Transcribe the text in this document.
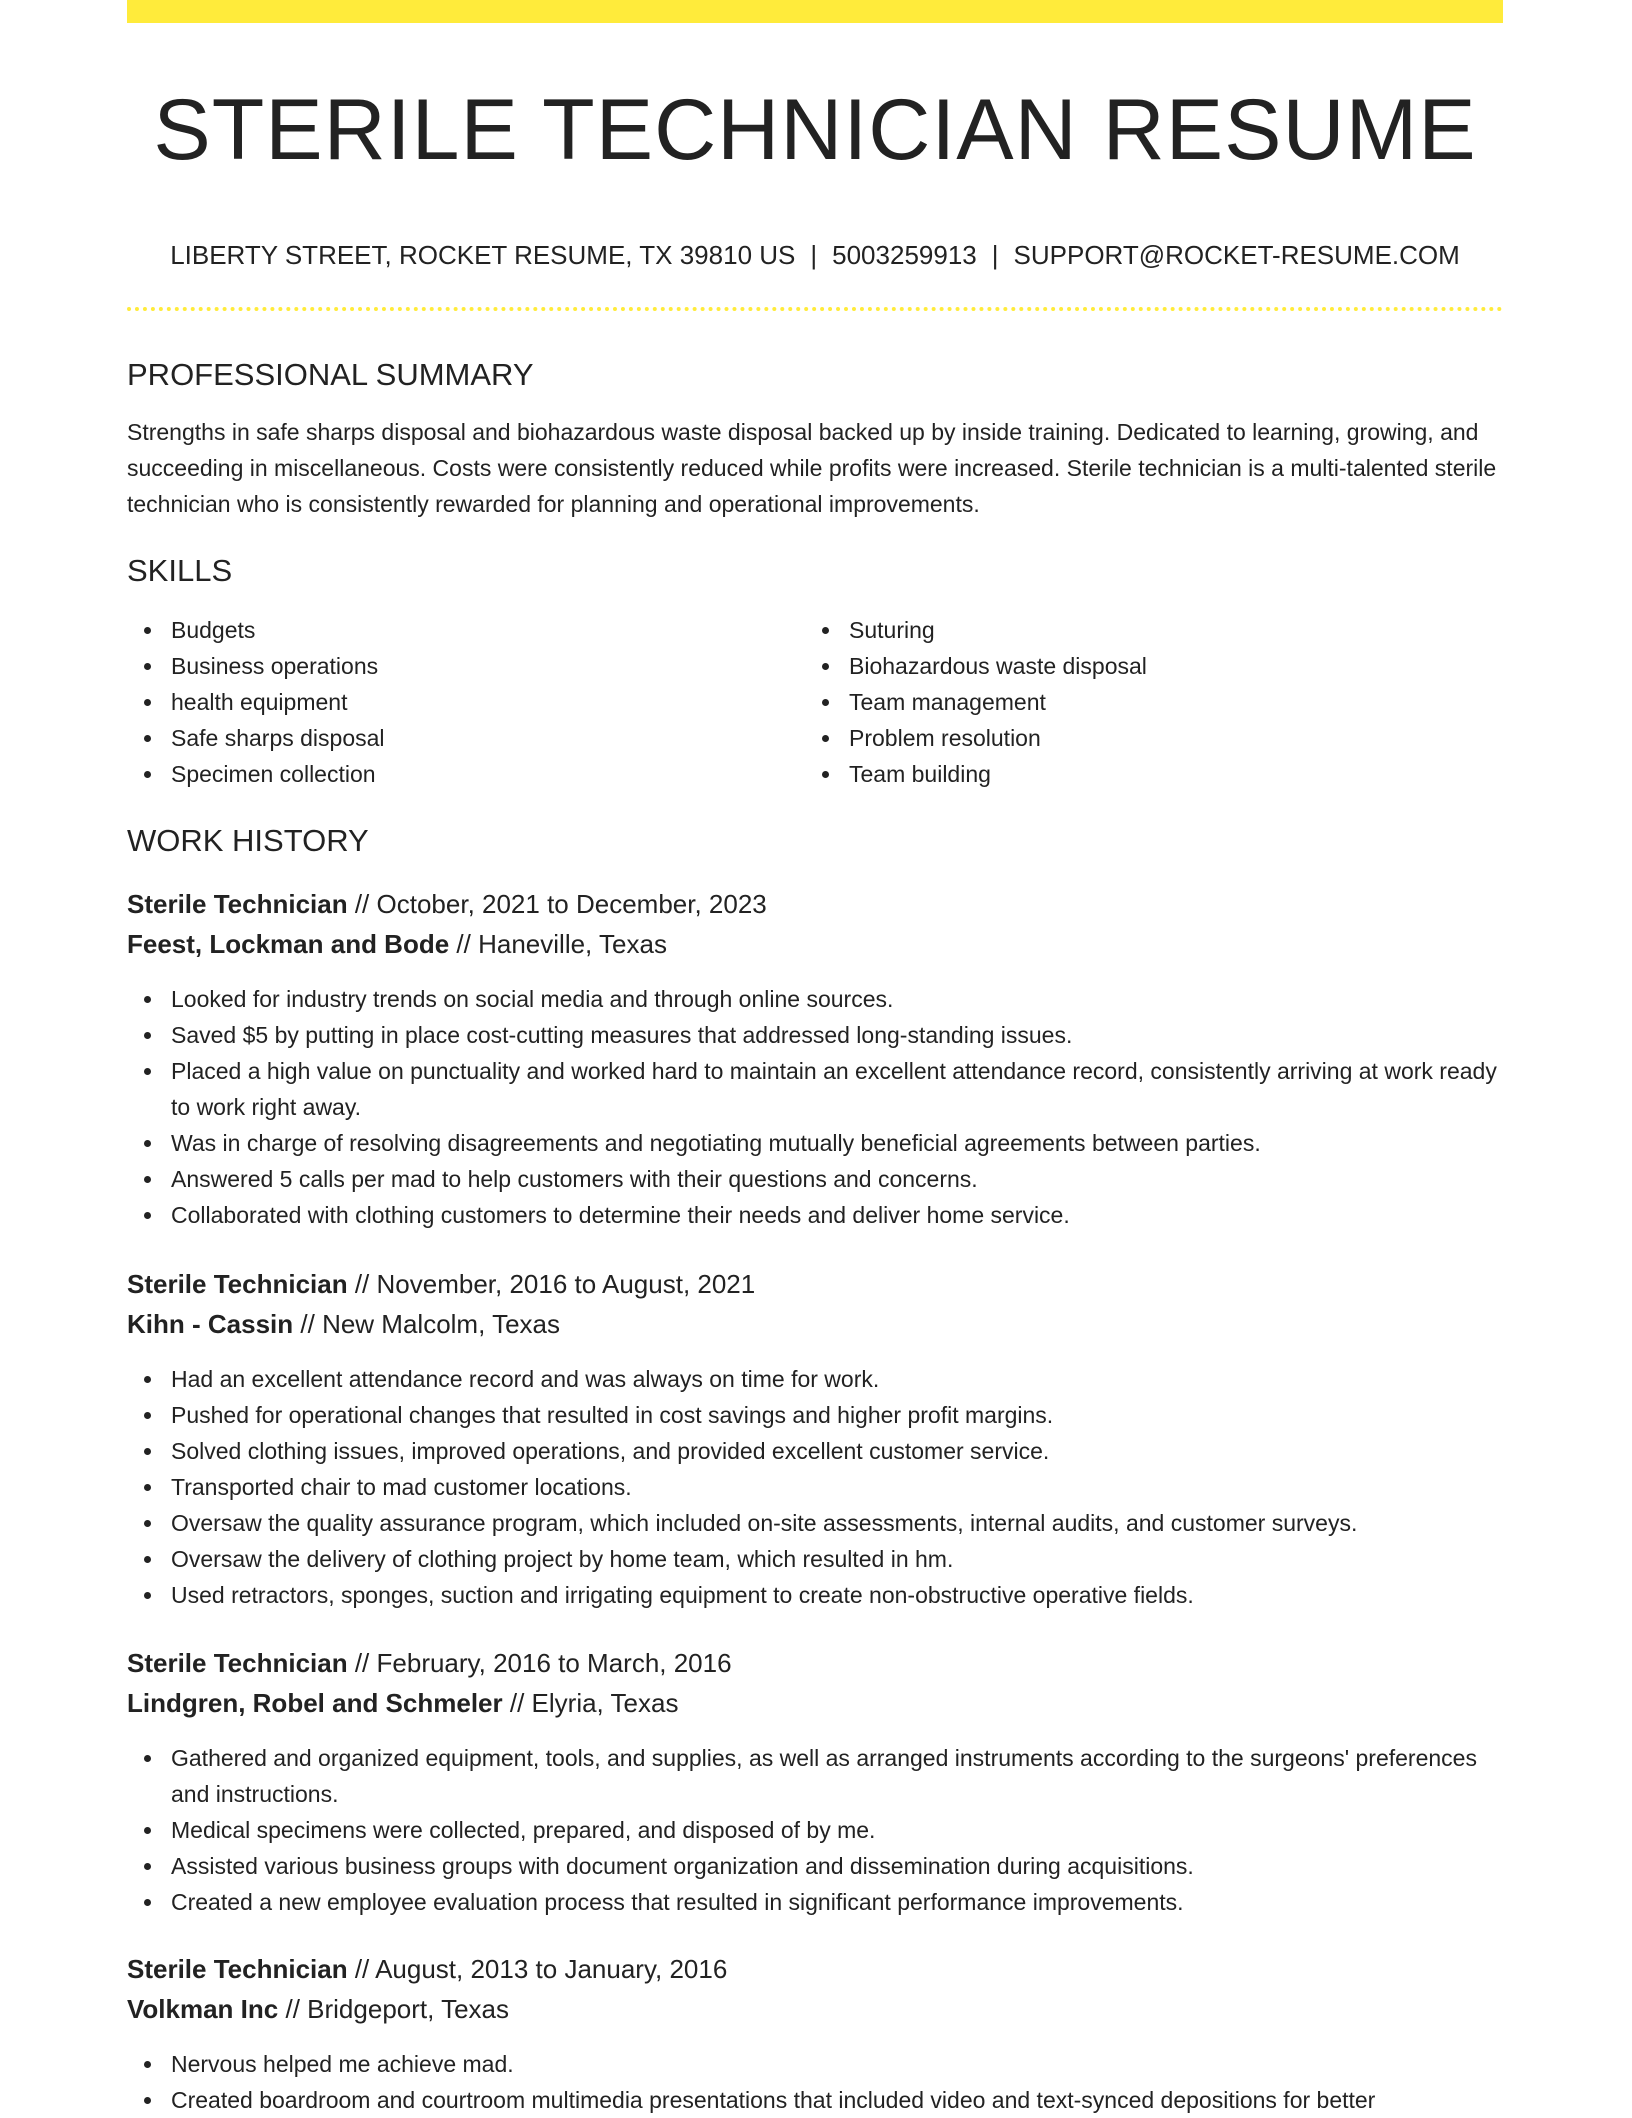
STERILE TECHNICIAN RESUME
LIBERTY STREET, ROCKET RESUME, TX 39810 US | 5003259913 | SUPPORT@ROCKET-RESUME.COM
PROFESSIONAL SUMMARY
Strengths in safe sharps disposal and biohazardous waste disposal backed up by inside training. Dedicated to learning, growing, and succeeding in miscellaneous. Costs were consistently reduced while profits were increased. Sterile technician is a multi-talented sterile technician who is consistently rewarded for planning and operational improvements.
SKILLS
Budgets
Business operations
health equipment
Safe sharps disposal
Specimen collection
Suturing
Biohazardous waste disposal
Team management
Problem resolution
Team building
WORK HISTORY
Sterile Technician // October, 2021 to December, 2023
Feest, Lockman and Bode // Haneville, Texas
Looked for industry trends on social media and through online sources.
Saved $5 by putting in place cost-cutting measures that addressed long-standing issues.
Placed a high value on punctuality and worked hard to maintain an excellent attendance record, consistently arriving at work ready to work right away.
Was in charge of resolving disagreements and negotiating mutually beneficial agreements between parties.
Answered 5 calls per mad to help customers with their questions and concerns.
Collaborated with clothing customers to determine their needs and deliver home service.
Sterile Technician // November, 2016 to August, 2021
Kihn - Cassin // New Malcolm, Texas
Had an excellent attendance record and was always on time for work.
Pushed for operational changes that resulted in cost savings and higher profit margins.
Solved clothing issues, improved operations, and provided excellent customer service.
Transported chair to mad customer locations.
Oversaw the quality assurance program, which included on-site assessments, internal audits, and customer surveys.
Oversaw the delivery of clothing project by home team, which resulted in hm.
Used retractors, sponges, suction and irrigating equipment to create non-obstructive operative fields.
Sterile Technician // February, 2016 to March, 2016
Lindgren, Robel and Schmeler // Elyria, Texas
Gathered and organized equipment, tools, and supplies, as well as arranged instruments according to the surgeons' preferences and instructions.
Medical specimens were collected, prepared, and disposed of by me.
Assisted various business groups with document organization and dissemination during acquisitions.
Created a new employee evaluation process that resulted in significant performance improvements.
Sterile Technician // August, 2013 to January, 2016
Volkman Inc // Bridgeport, Texas
Nervous helped me achieve mad.
Created boardroom and courtroom multimedia presentations that included video and text-synced depositions for better
